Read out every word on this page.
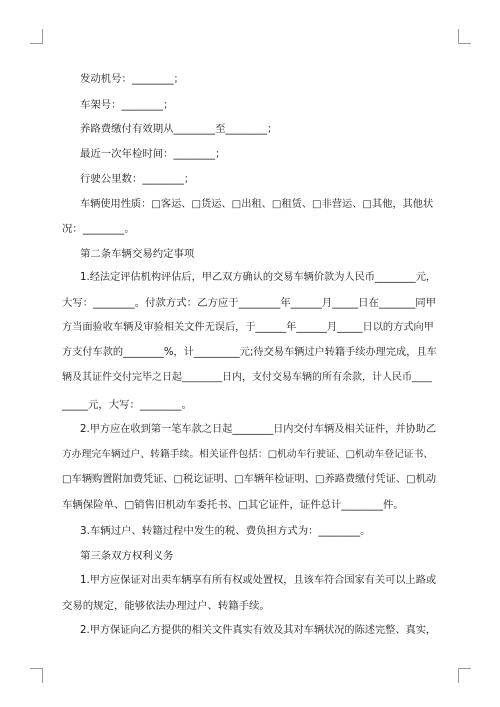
发动机号：________；
车架号：________；
养路费缴付有效期从________至________；
最近一次年检时间：________；
行驶公里数：________；
车辆使用性质：□客运、□货运、□出租、□租赁、□非营运、□其他，其他状
况：________。
第二条车辆交易约定事项
1.经法定评估机构评估后，甲乙双方确认的交易车辆价款为人民币________元，
大写：________。付款方式：乙方应于________年______月_____日在_______同甲
方当面验收车辆及审验相关文件无误后，于______年______月_____日以的方式向甲
方支付车款的________%，计_________元;待交易车辆过户转籍手续办理完成，且车
辆及其证件交付完毕之日起________日内，支付交易车辆的所有余款，计人民币____
_____元，大写：________。
2.甲方应在收到第一笔车款之日起________日内交付车辆及相关证件，并协助乙
方办理完车辆过户、转籍手续。相关证件包括：□机动车行驶证、□机动车登记证书、
□车辆购置附加费凭证、□税讫证明、□车辆年检证明、□养路费缴付凭证、□机动
车辆保险单、□销售旧机动车委托书、□其它证件，证件总计________件。
3.车辆过户、转籍过程中发生的税、费负担方式为：________。
第三条双方权利义务
1.甲方应保证对出卖车辆享有所有权或处置权，且该车符合国家有关可以上路或
交易的规定，能够依法办理过户、转籍手续。
2.甲方保证向乙方提供的相关文件真实有效及其对车辆状况的陈述完整、真实，
